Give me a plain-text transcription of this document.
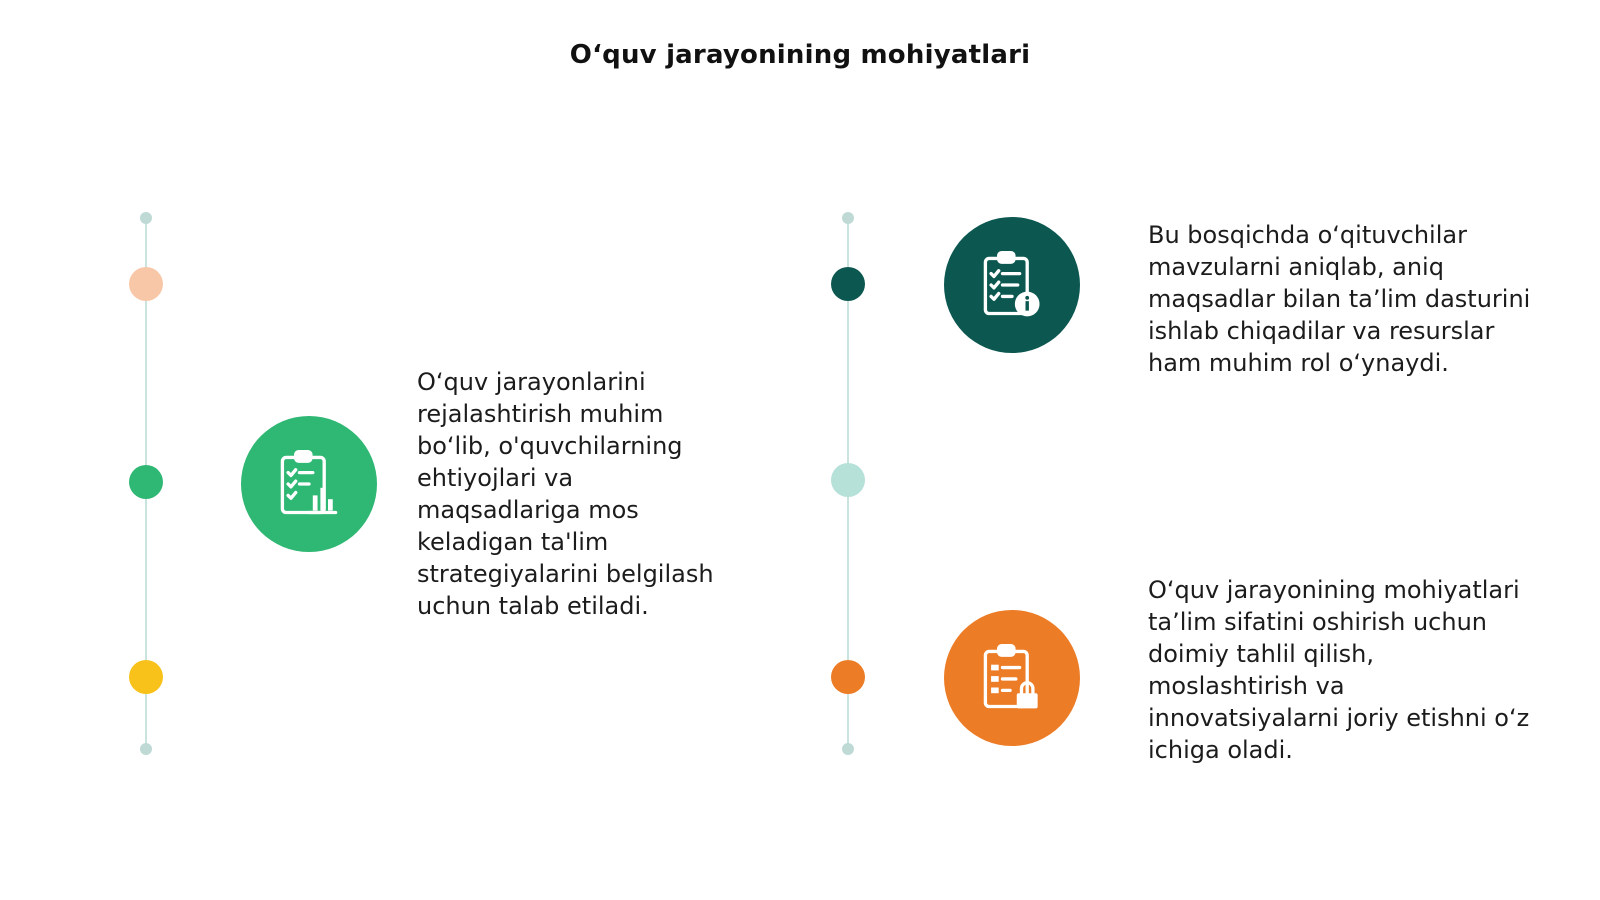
O‘quv jarayonining mohiyatlari
O‘quv jarayonlarini rejalashtirish muhim bo‘lib, o'quvchilarning ehtiyojlari va maqsadlariga mos keladigan ta'lim strategiyalarini belgilash uchun talab etiladi.
Bu bosqichda o‘qituvchilar mavzularni aniqlab, aniq maqsadlar bilan ta’lim dasturini ishlab chiqadilar va resurslar ham muhim rol o‘ynaydi.
O‘quv jarayonining mohiyatlari ta’lim sifatini oshirish uchun doimiy tahlil qilish, moslashtirish va innovatsiyalarni joriy etishni o‘z ichiga oladi.
